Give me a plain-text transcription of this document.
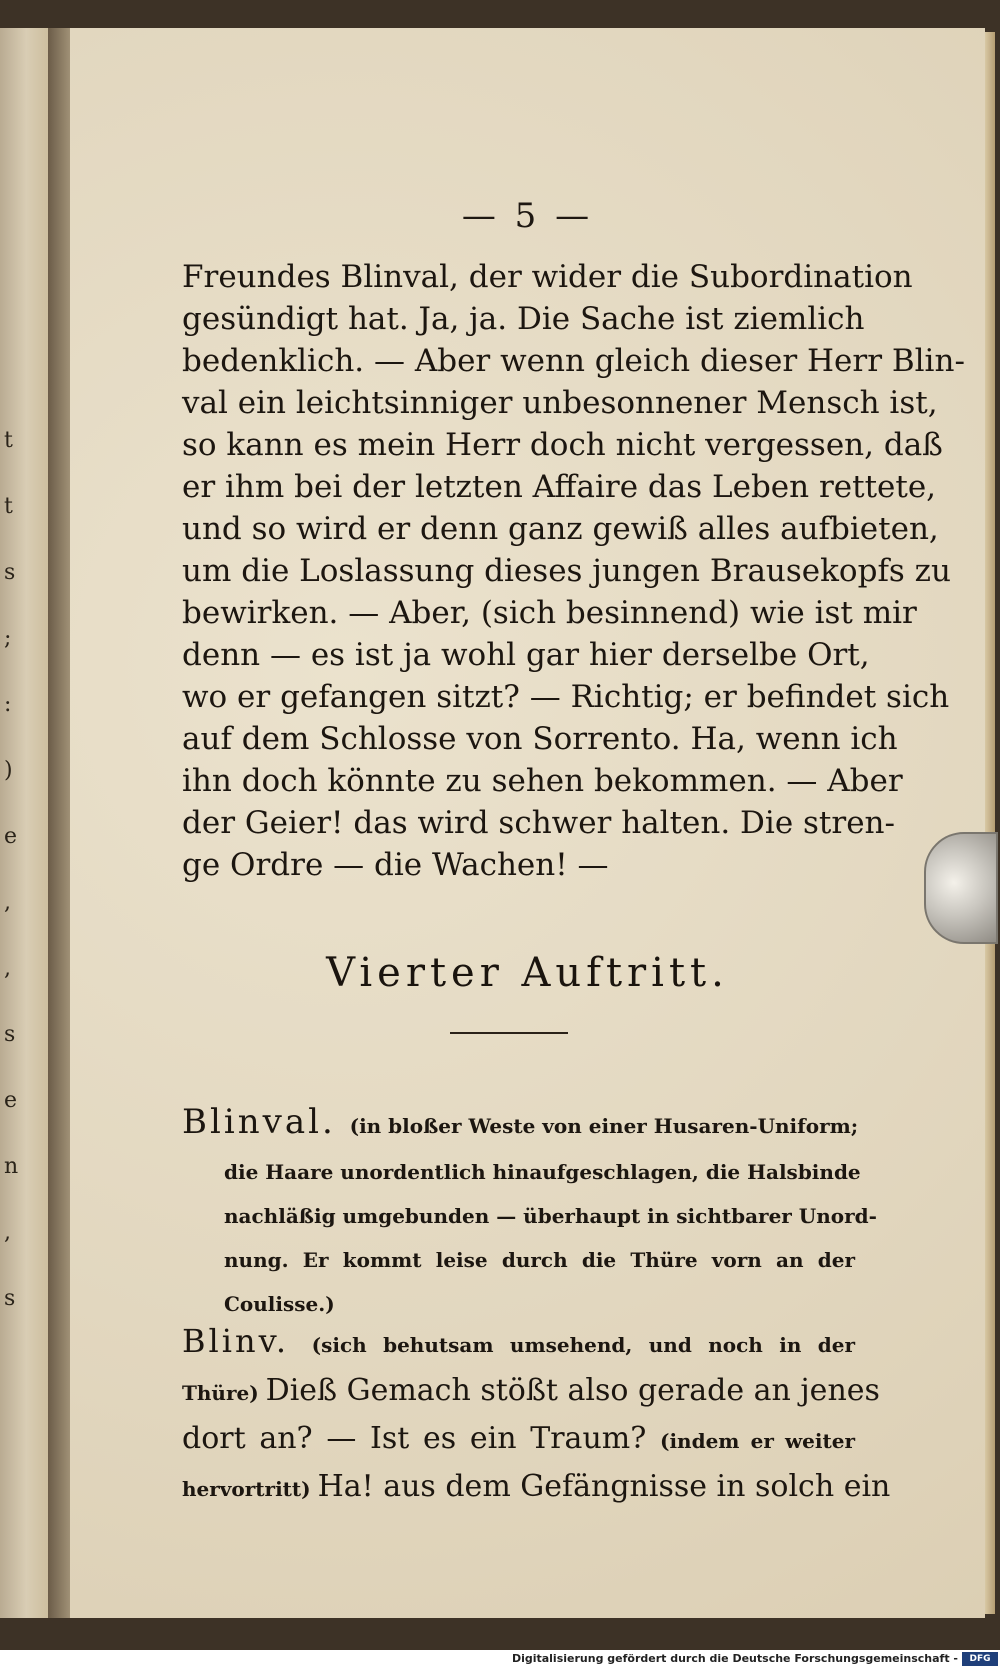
t
t
s
;
:
)
e
,
,
s
e
n
,
s
— 5 —
Freundes Blinval, der wider die Subordination
gesündigt hat. Ja, ja. Die Sache ist ziemlich
bedenklich. — Aber wenn gleich dieser Herr Blin-
val ein leichtsinniger unbesonnener Mensch ist,
so kann es mein Herr doch nicht vergessen, daß
er ihm bei der letzten Affaire das Leben rettete,
und so wird er denn ganz gewiß alles aufbieten,
um die Loslassung dieses jungen Brausekopfs zu
bewirken. — Aber, (sich besinnend) wie ist mir
denn — es ist ja wohl gar hier derselbe Ort,
wo er gefangen sitzt? — Richtig; er befindet sich
auf dem Schlosse von Sorrento. Ha, wenn ich
ihn doch könnte zu sehen bekommen. — Aber
der Geier! das wird schwer halten. Die stren-
ge Ordre — die Wachen! —
Vierter Auftritt.
Blinval. (in bloßer Weste von einer Husaren-Uniform;
die Haare unordentlich hinaufgeschlagen, die Halsbinde
nachläßig umgebunden — überhaupt in sichtbarer Unord-
nung. Er kommt leise durch die Thüre vorn an der
Coulisse.)
Blinv. (sich behutsam umsehend, und noch in der
Thüre) Dieß Gemach stößt also gerade an jenes
dort an? — Ist es ein Traum? (indem er weiter
hervortritt) Ha! aus dem Gefängnisse in solch ein
Digitalisierung gefördert durch die Deutsche Forschungsgemeinschaft -	DFG
